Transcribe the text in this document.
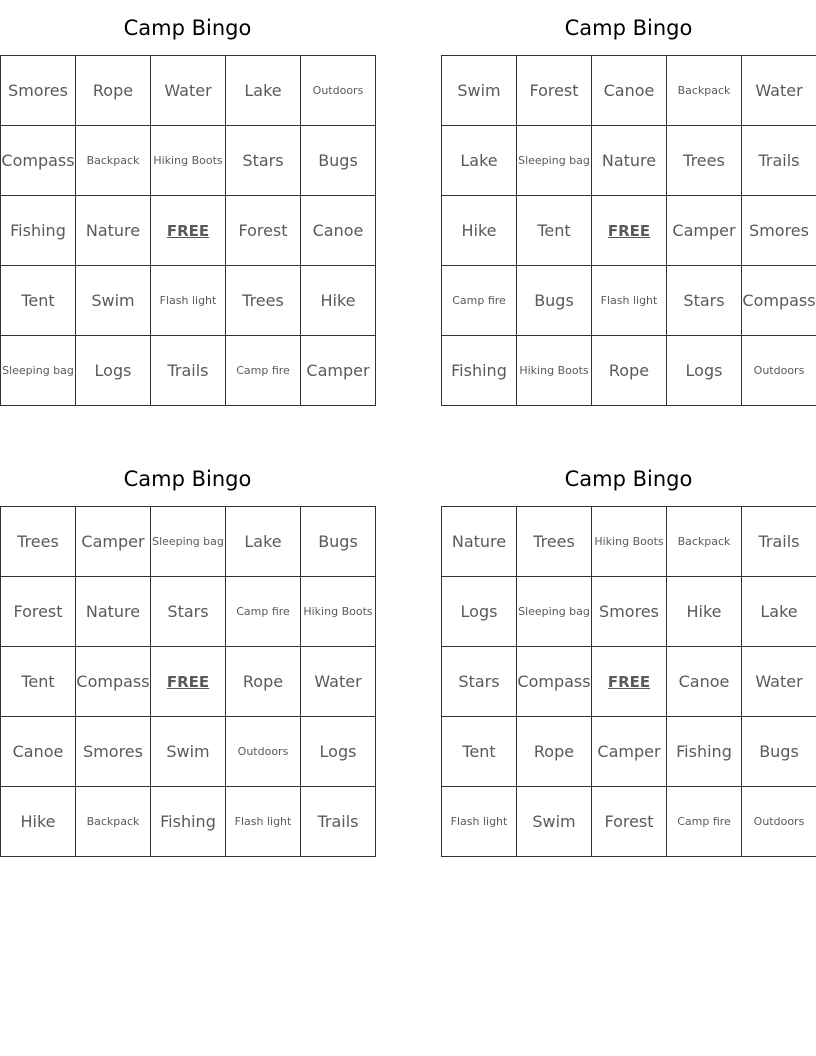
Camp Bingo
Smores	Rope	Water	Lake	Outdoors
Compass	Backpack	Hiking Boots	Stars	Bugs
Fishing	Nature	FREE	Forest	Canoe
Tent	Swim	Flash light	Trees	Hike
Sleeping bag	Logs	Trails	Camp fire	Camper
Camp Bingo
Swim	Forest	Canoe	Backpack	Water
Lake	Sleeping bag	Nature	Trees	Trails
Hike	Tent	FREE	Camper	Smores
Camp fire	Bugs	Flash light	Stars	Compass
Fishing	Hiking Boots	Rope	Logs	Outdoors
Camp Bingo
Trees	Camper	Sleeping bag	Lake	Bugs
Forest	Nature	Stars	Camp fire	Hiking Boots
Tent	Compass	FREE	Rope	Water
Canoe	Smores	Swim	Outdoors	Logs
Hike	Backpack	Fishing	Flash light	Trails
Camp Bingo
Nature	Trees	Hiking Boots	Backpack	Trails
Logs	Sleeping bag	Smores	Hike	Lake
Stars	Compass	FREE	Canoe	Water
Tent	Rope	Camper	Fishing	Bugs
Flash light	Swim	Forest	Camp fire	Outdoors
